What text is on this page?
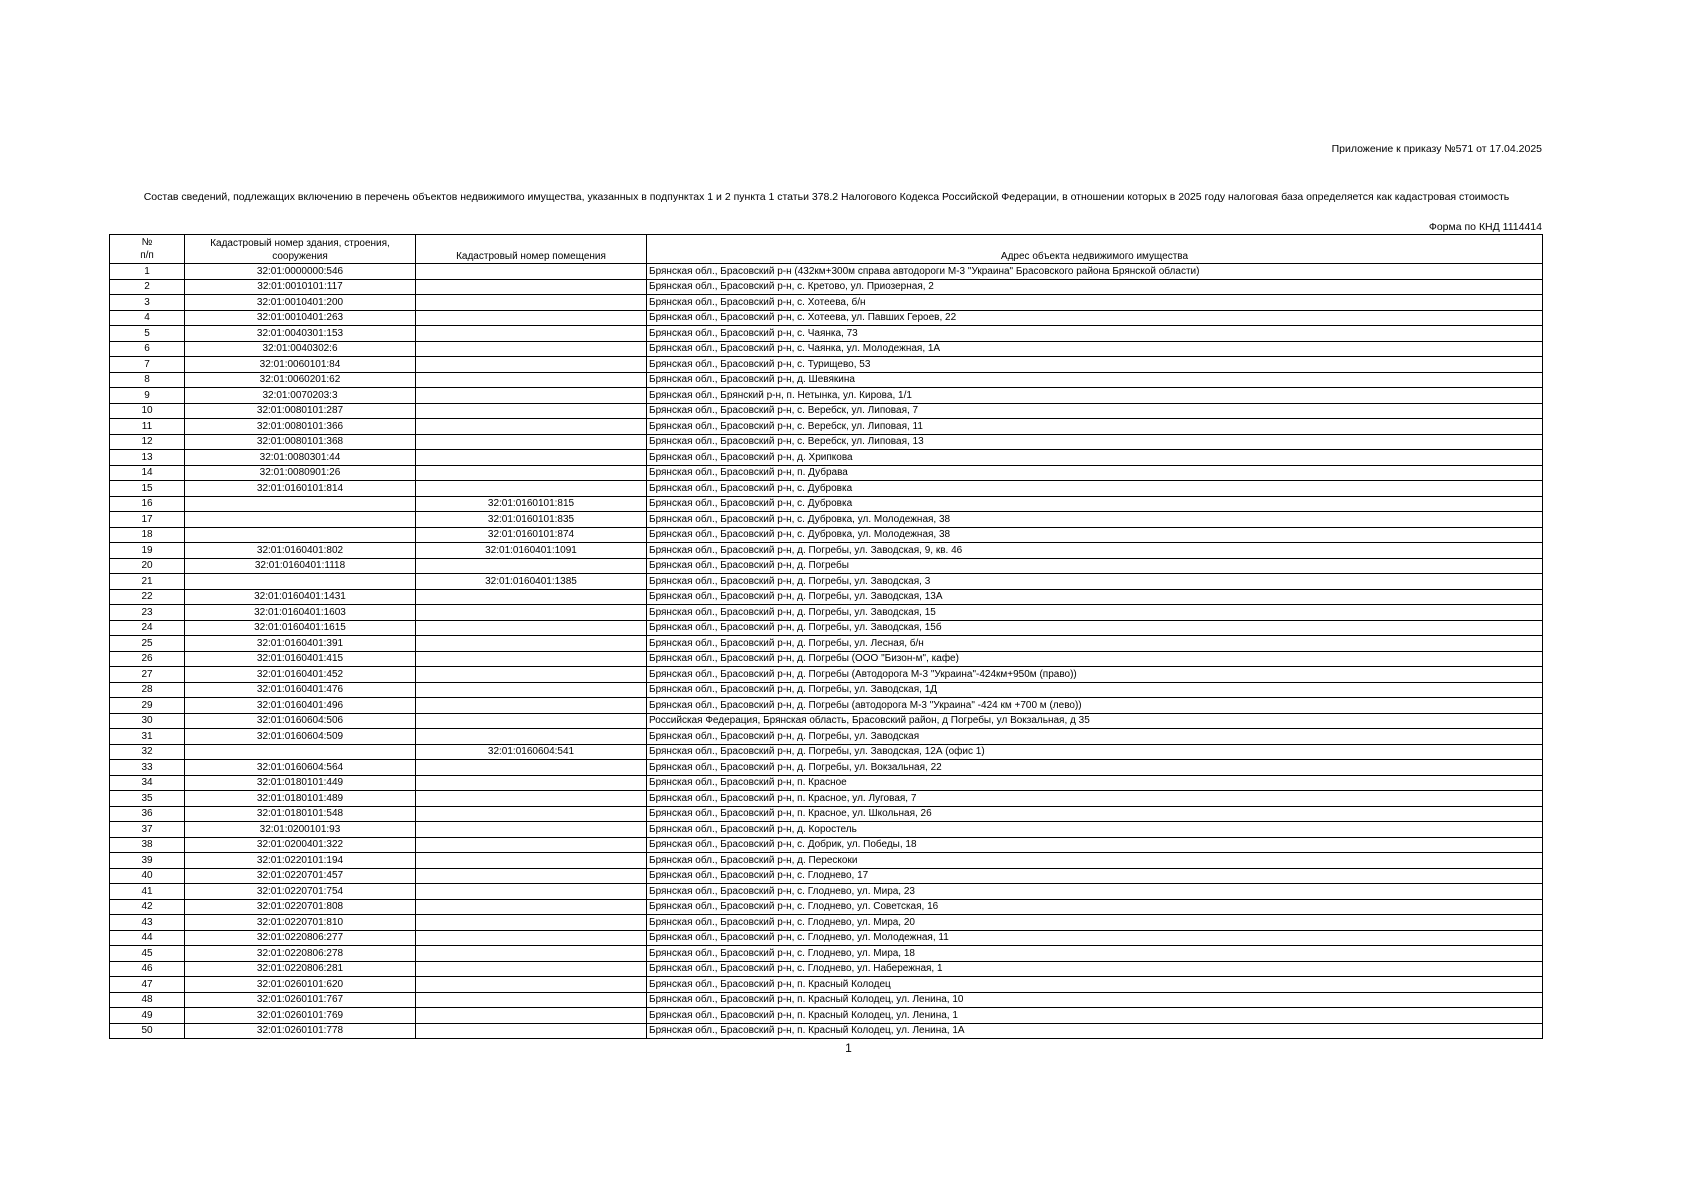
Приложение к приказу №571 от 17.04.2025
Состав сведений, подлежащих включению в перечень объектов недвижимого имущества, указанных в подпунктах 1 и 2 пункта 1 статьи 378.2 Налогового Кодекса Российской Федерации, в отношении которых в 2025 году налоговая база определяется как кадастровая стоимость
Форма по КНД 1114414
№
п/п	Кадастровый номер здания, строения, сооружения	Кадастровый номер помещения	Адрес объекта недвижимого имущества
1	32:01:0000000:546		Брянская обл., Брасовский р-н (432км+300м справа автодороги М-3 "Украина" Брасовского района Брянской области)
2	32:01:0010101:117		Брянская обл., Брасовский р-н, с. Кретово, ул. Приозерная, 2
3	32:01:0010401:200		Брянская обл., Брасовский р-н, с. Хотеева, б/н
4	32:01:0010401:263		Брянская обл., Брасовский р-н, с. Хотеева, ул. Павших Героев, 22
5	32:01:0040301:153		Брянская обл., Брасовский р-н, с. Чаянка, 73
6	32:01:0040302:6		Брянская обл., Брасовский р-н, с. Чаянка, ул. Молодежная, 1А
7	32:01:0060101:84		Брянская обл., Брасовский р-н, с. Турищево, 53
8	32:01:0060201:62		Брянская обл., Брасовский р-н, д. Шевякина
9	32:01:0070203:3		Брянская обл., Брянский р-н, п. Нетынка, ул. Кирова, 1/1
10	32:01:0080101:287		Брянская обл., Брасовский р-н, с. Веребск, ул. Липовая, 7
11	32:01:0080101:366		Брянская обл., Брасовский р-н, с. Веребск, ул. Липовая, 11
12	32:01:0080101:368		Брянская обл., Брасовский р-н, с. Веребск, ул. Липовая, 13
13	32:01:0080301:44		Брянская обл., Брасовский р-н, д. Хрипкова
14	32:01:0080901:26		Брянская обл., Брасовский р-н, п. Дубрава
15	32:01:0160101:814		Брянская обл., Брасовский р-н, с. Дубровка
16		32:01:0160101:815	Брянская обл., Брасовский р-н, с. Дубровка
17		32:01:0160101:835	Брянская обл., Брасовский р-н, с. Дубровка, ул. Молодежная, 38
18		32:01:0160101:874	Брянская обл., Брасовский р-н, с. Дубровка, ул. Молодежная, 38
19	32:01:0160401:802	32:01:0160401:1091	Брянская обл., Брасовский р-н, д. Погребы, ул. Заводская, 9, кв. 46
20	32:01:0160401:1118		Брянская обл., Брасовский р-н, д. Погребы
21		32:01:0160401:1385	Брянская обл., Брасовский р-н, д. Погребы, ул. Заводская, 3
22	32:01:0160401:1431		Брянская обл., Брасовский р-н, д. Погребы, ул. Заводская, 13А
23	32:01:0160401:1603		Брянская обл., Брасовский р-н, д. Погребы, ул. Заводская, 15
24	32:01:0160401:1615		Брянская обл., Брасовский р-н, д. Погребы, ул. Заводская, 15б
25	32:01:0160401:391		Брянская обл., Брасовский р-н, д. Погребы, ул. Лесная, б/н
26	32:01:0160401:415		Брянская обл., Брасовский р-н, д. Погребы (ООО "Бизон-м", кафе)
27	32:01:0160401:452		Брянская обл., Брасовский р-н, д. Погребы (Автодорога М-3 "Украина"-424км+950м (право))
28	32:01:0160401:476		Брянская обл., Брасовский р-н, д. Погребы, ул. Заводская, 1Д
29	32:01:0160401:496		Брянская обл., Брасовский р-н, д. Погребы (автодорога М-3 "Украина" -424 км +700 м (лево))
30	32:01:0160604:506		Российская Федерация, Брянская область, Брасовский район, д Погребы, ул Вокзальная, д 35
31	32:01:0160604:509		Брянская обл., Брасовский р-н, д. Погребы, ул. Заводская
32		32:01:0160604:541	Брянская обл., Брасовский р-н, д. Погребы, ул. Заводская, 12А (офис 1)
33	32:01:0160604:564		Брянская обл., Брасовский р-н, д. Погребы, ул. Вокзальная, 22
34	32:01:0180101:449		Брянская обл., Брасовский р-н, п. Красное
35	32:01:0180101:489		Брянская обл., Брасовский р-н, п. Красное, ул. Луговая, 7
36	32:01:0180101:548		Брянская обл., Брасовский р-н, п. Красное, ул. Школьная, 26
37	32:01:0200101:93		Брянская обл., Брасовский р-н, д. Коростель
38	32:01:0200401:322		Брянская обл., Брасовский р-н, с. Добрик, ул. Победы, 18
39	32:01:0220101:194		Брянская обл., Брасовский р-н, д. Перескоки
40	32:01:0220701:457		Брянская обл., Брасовский р-н, с. Глоднево, 17
41	32:01:0220701:754		Брянская обл., Брасовский р-н, с. Глоднево, ул. Мира, 23
42	32:01:0220701:808		Брянская обл., Брасовский р-н, с. Глоднево, ул. Советская, 16
43	32:01:0220701:810		Брянская обл., Брасовский р-н, с. Глоднево, ул. Мира, 20
44	32:01:0220806:277		Брянская обл., Брасовский р-н, с. Глоднево, ул. Молодежная, 11
45	32:01:0220806:278		Брянская обл., Брасовский р-н, с. Глоднево, ул. Мира, 18
46	32:01:0220806:281		Брянская обл., Брасовский р-н, с. Глоднево, ул. Набережная, 1
47	32:01:0260101:620		Брянская обл., Брасовский р-н, п. Красный Колодец
48	32:01:0260101:767		Брянская обл., Брасовский р-н, п. Красный Колодец, ул. Ленина, 10
49	32:01:0260101:769		Брянская обл., Брасовский р-н, п. Красный Колодец, ул. Ленина, 1
50	32:01:0260101:778		Брянская обл., Брасовский р-н, п. Красный Колодец, ул. Ленина, 1А
1
